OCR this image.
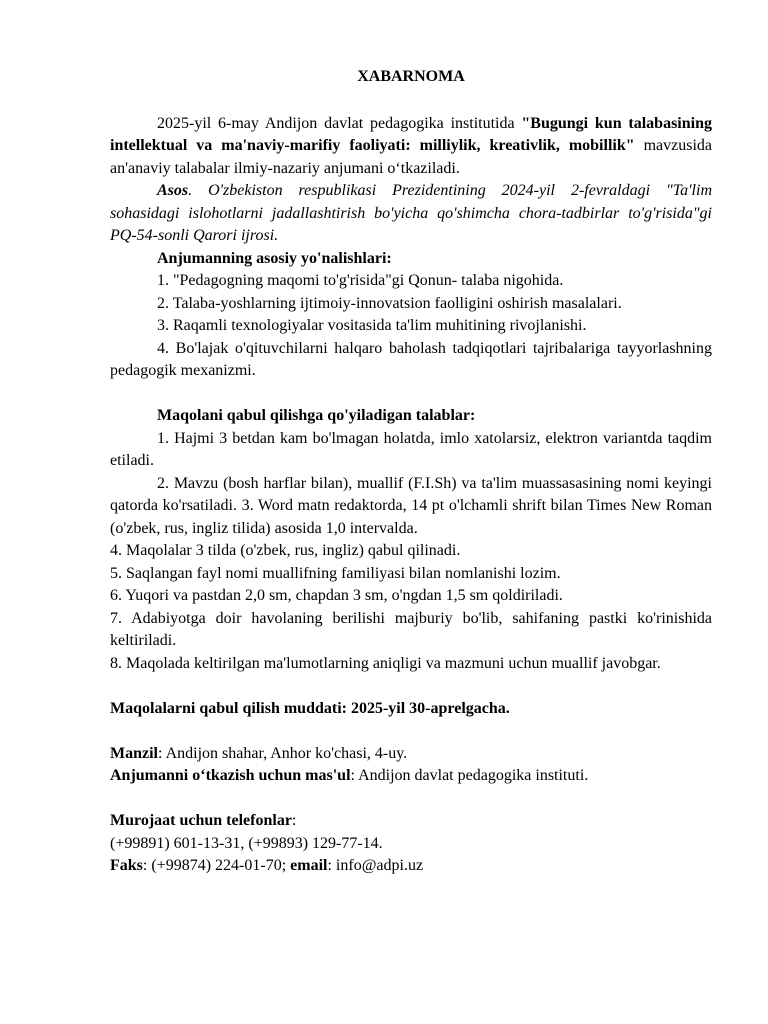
XABARNOMA

2025-yil 6-may Andijon davlat pedagogika institutida "Bugungi kun talabasining intellektual va ma'naviy-marifiy faoliyati: milliylik, kreativlik, mobillik" mavzusida an'anaviy talabalar ilmiy-nazariy anjumani o‘tkaziladi.

Asos. O'zbekiston respublikasi Prezidentining 2024-yil 2-fevraldagi "Ta'lim sohasidagi islohotlarni jadallashtirish bo'yicha qo'shimcha chora-tadbirlar to'g'risida"gi PQ-54-sonli Qarori ijrosi.

Anjumanning asosiy yo'nalishlari:

1. "Pedagogning maqomi to'g'risida"gi Qonun- talaba nigohida.

2. Talaba-yoshlarning ijtimoiy-innovatsion faolligini oshirish masalalari.

3. Raqamli texnologiyalar vositasida ta'lim muhitining rivojlanishi.

4. Bo'lajak o'qituvchilarni halqaro baholash tadqiqotlari tajribalariga tayyorlashning pedagogik mexanizmi.

Maqolani qabul qilishga qo'yiladigan talablar:

1. Hajmi 3 betdan kam bo'lmagan holatda, imlo xatolarsiz, elektron variantda taqdim etiladi.

2. Mavzu (bosh harflar bilan), muallif (F.I.Sh) va ta'lim muassasasining nomi keyingi qatorda ko'rsatiladi. 3. Word matn redaktorda, 14 pt o'lchamli shrift bilan Times New Roman (o'zbek, rus, ingliz tilida) asosida 1,0 intervalda.

4. Maqolalar 3 tilda (o'zbek, rus, ingliz) qabul qilinadi.

5. Saqlangan fayl nomi muallifning familiyasi bilan nomlanishi lozim.

6. Yuqori va pastdan 2,0 sm, chapdan 3 sm, o'ngdan 1,5 sm qoldiriladi.

7. Adabiyotga doir havolaning berilishi majburiy bo'lib, sahifaning pastki ko'rinishida keltiriladi.

8. Maqolada keltirilgan ma'lumotlarning aniqligi va mazmuni uchun muallif javobgar.

Maqolalarni qabul qilish muddati: 2025-yil 30-aprelgacha.

Manzil: Andijon shahar, Anhor ko'chasi, 4-uy.

Anjumanni o‘tkazish uchun mas'ul: Andijon davlat pedagogika instituti.

Murojaat uchun telefonlar:

(+99891) 601-13-31, (+99893) 129-77-14.

Faks: (+99874) 224-01-70; email: info@adpi.uz
